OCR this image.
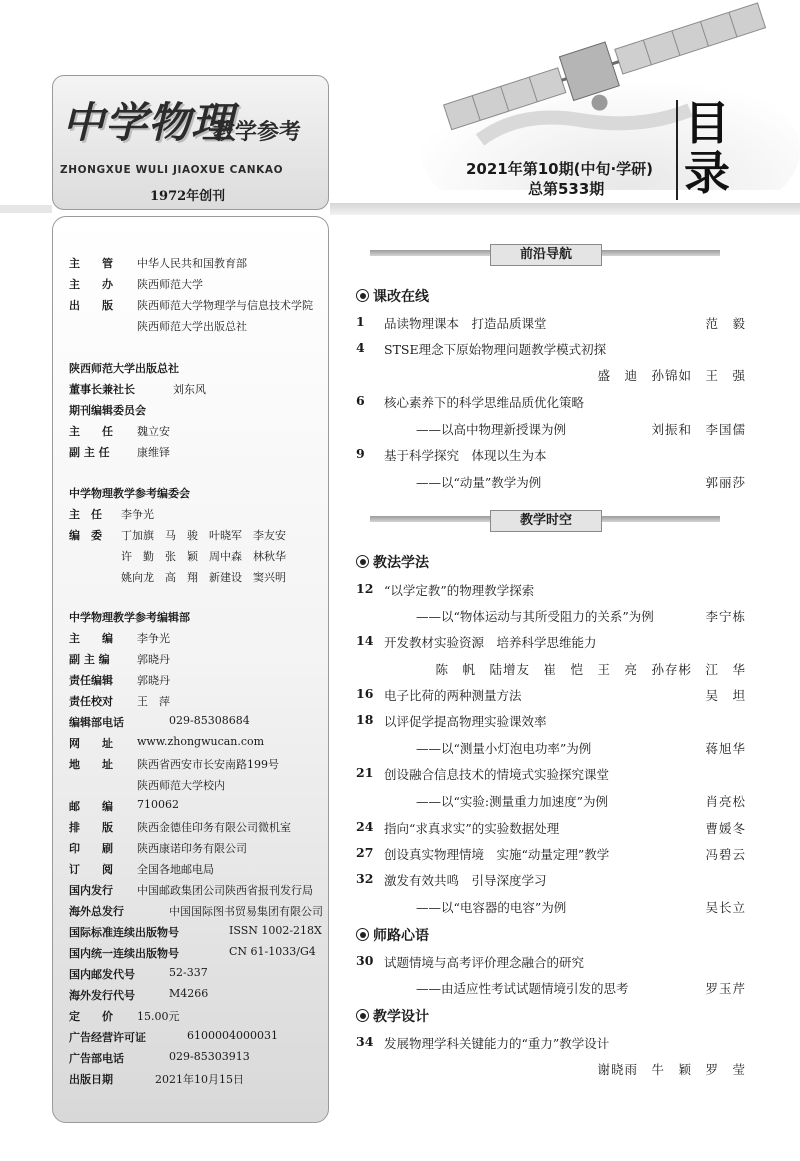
中学物理
教学参考
ZHONGXUE WULI JIAOXUE CANKAO
1972年创刊
2021年第10期(中旬·学研)
总第533期
目录
主　　管 中华人民共和国教育部
主　　办 陕西师范大学
出　　版 陕西师范大学物理学与信息技术学院
陕西师范大学出版总社
陕西师范大学出版总社
董事长兼社长	刘东风
期刊编辑委员会
主　　任 魏立安
副 主 任 康维铎
中学物理教学参考编委会
主　任 李争光
编　委 丁加旗　马　骏　叶晓军　李友安
许　勤　张　颖　周中森　林秋华
姚向龙　高　翔　新建设　窦兴明
中学物理教学参考编辑部
主　　编 李争光
副 主 编 郭晓丹
责任编辑 郭晓丹
责任校对 王　萍
编辑部电话	029-85308684
网　　址 www.zhongwucan.com
地　　址 陕西省西安市长安南路199号
陕西师范大学校内
邮　　编 710062
排　　版 陕西金德佳印务有限公司微机室
印　　刷 陕西康诺印务有限公司
订　　阅 全国各地邮电局
国内发行 中国邮政集团公司陕西省报刊发行局
海外总发行	中国国际图书贸易集团有限公司
国际标准连续出版物号	ISSN 1002-218X
国内统一连续出版物号	CN 61-1033/G4
国内邮发代号	52-337
海外发行代号	M4266
定　　价 15.00元
广告经营许可证	6100004000031
广告部电话	029-85303913
出版日期	2021年10月15日
前沿导航
课改在线
1 品读物理课本　打造品质课堂	范　毅
4 STSE理念下原始物理问题教学模式初探
盛　迪　孙锦如　王　强
6 核心素养下的科学思维品质优化策略
——以高中物理新授课为例	刘振和　李国儒
9 基于科学探究　体现以生为本
——以“动量”教学为例	郭丽莎
教学时空
教法学法
12 “以学定教”的物理教学探索
——以“物体运动与其所受阻力的关系”为例	李宁栋
14 开发教材实验资源　培养科学思维能力
陈　帆　陆增友　崔　恺　王　亮　孙存彬　江　华
16 电子比荷的两种测量方法	吴　坦
18 以评促学提高物理实验课效率
——以“测量小灯泡电功率”为例	蒋旭华
21 创设融合信息技术的情境式实验探究课堂
——以“实验:测量重力加速度”为例	肖亮松
24 指向“求真求实”的实验数据处理	曹媛冬
27 创设真实物理情境　实施“动量定理”教学	冯碧云
32 激发有效共鸣　引导深度学习
——以“电容器的电容”为例	吴长立
师路心语
30 试题情境与高考评价理念融合的研究
——由适应性考试试题情境引发的思考	罗玉芹
教学设计
34 发展物理学科关键能力的“重力”教学设计
谢晓雨　牛　颖　罗　莹
